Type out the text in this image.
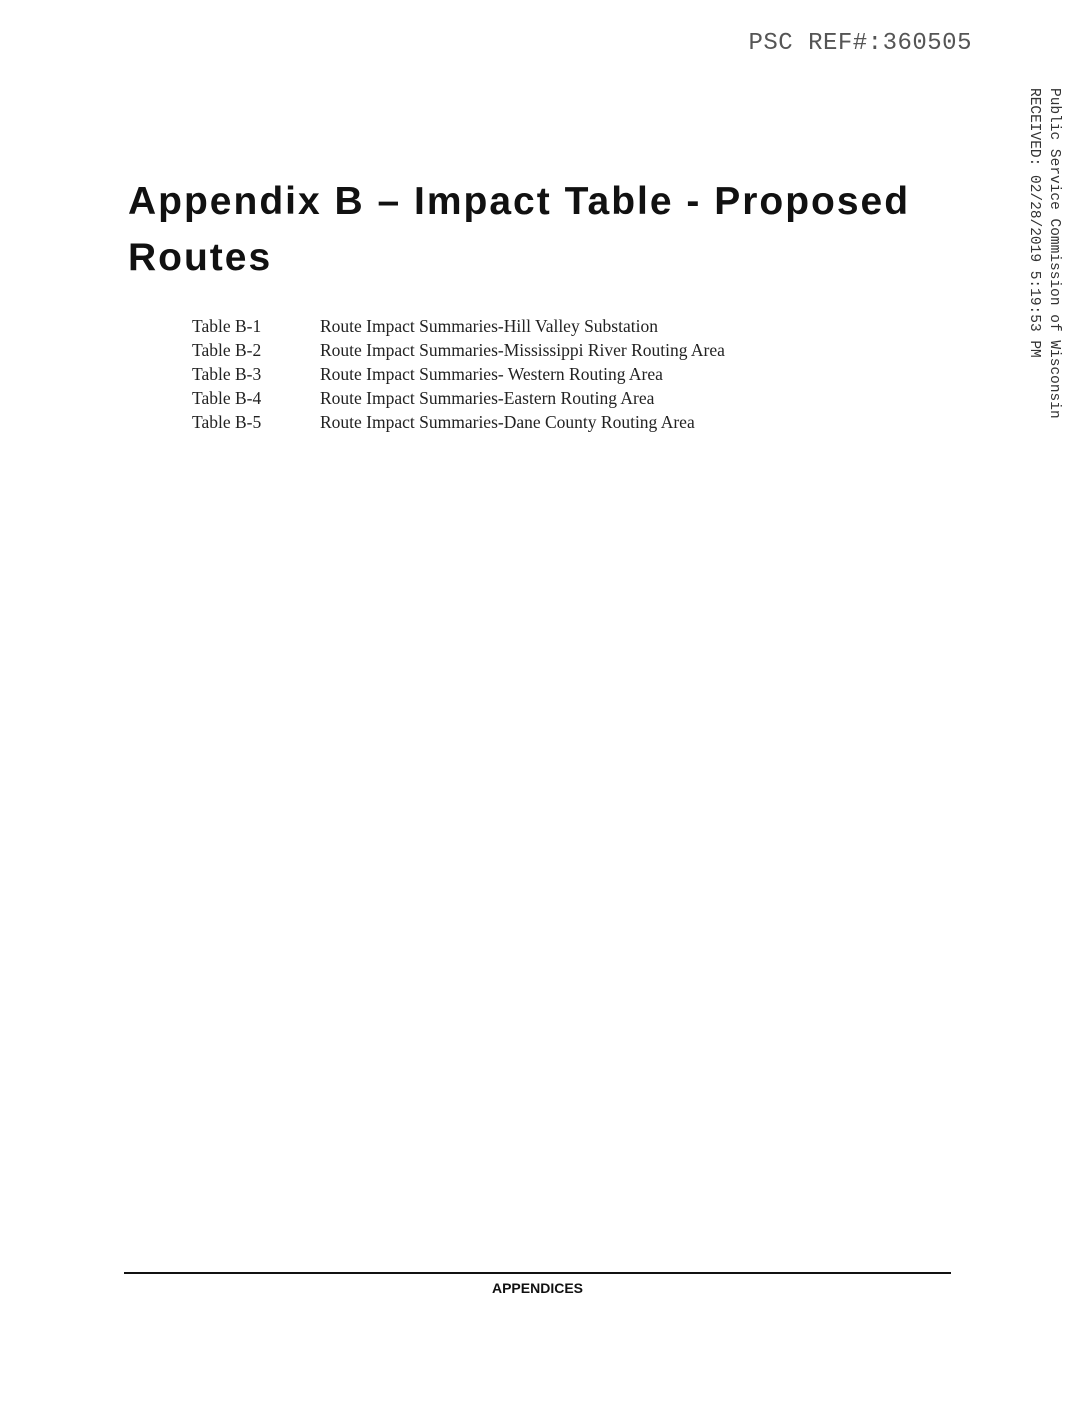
PSC REF#:360505
Public Service Commission of Wisconsin
RECEIVED: 02/28/2019 5:19:53 PM
Appendix B – Impact Table - Proposed Routes
Table B-1	Route Impact Summaries-Hill Valley Substation
Table B-2	Route Impact Summaries-Mississippi River Routing Area
Table B-3	Route Impact Summaries- Western Routing Area
Table B-4	Route Impact Summaries-Eastern Routing Area
Table B-5	Route Impact Summaries-Dane County Routing Area
APPENDICES
